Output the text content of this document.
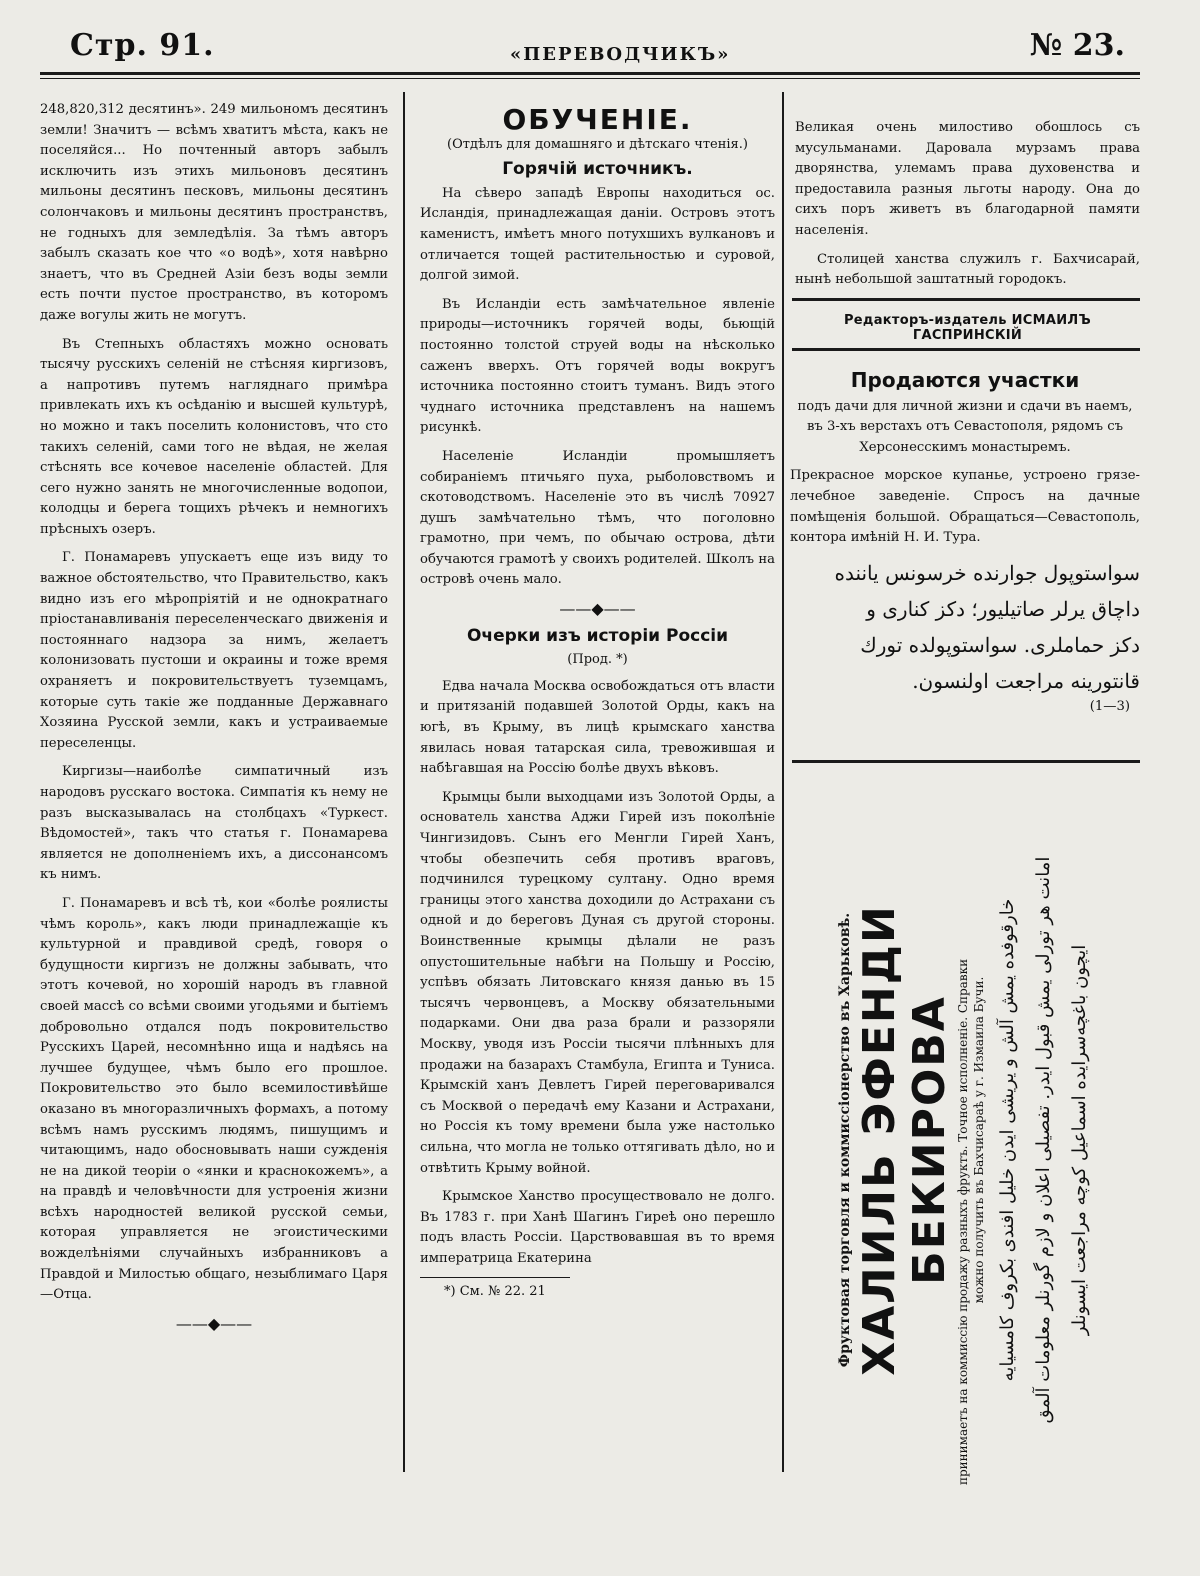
Стр. 91.	«ПЕРЕВОДЧИКЪ»	№ 23.

248,820,312 десятинъ». 249 мильономъ десятинъ земли! Значитъ — всѣмъ хватитъ мѣста, какъ не поселяйся... Но почтенный авторъ забылъ исключить изъ этихъ мильоновъ десятинъ мильоны десятинъ песковъ, мильоны десятинъ солончаковъ и мильоны десятинъ пространствъ, не годныхъ для земледѣлія. За тѣмъ авторъ забылъ сказать кое что «о водѣ», хотя навѣрно знаетъ, что въ Средней Азіи безъ воды земли есть почти пустое пространство, въ которомъ даже вогулы жить не могутъ.

Въ Степныхъ областяхъ можно основать тысячу русскихъ селеній не стѣсняя киргизовъ, а напротивъ путемъ нагляднаго примѣра привлекать ихъ къ осѣданію и высшей культурѣ, но можно и такъ поселить колонистовъ, что сто такихъ селеній, сами того не вѣдая, не желая стѣснять все кочевое населеніе областей. Для сего нужно занять не многочисленные водопои, колодцы и берега тощихъ рѣчекъ и немногихъ прѣсныхъ озеръ.

Г. Понамаревъ упускаетъ еще изъ виду то важное обстоятельство, что Правительство, какъ видно изъ его мѣропріятій и не однократнаго пріостанавливанія переселенческаго движенія и постояннаго надзора за нимъ, желаетъ колонизовать пустоши и окраины и тоже время охраняетъ и покровительствуетъ туземцамъ, которые суть такіе же подданные Державнаго Хозяина Русской земли, какъ и устраиваемые переселенцы.

Киргизы—наиболѣе симпатичный изъ народовъ русскаго востока. Симпатія къ нему не разъ высказывалась на столбцахъ «Туркест. Вѣдомостей», такъ что статья г. Понамарева является не дополненіемъ ихъ, а диссонансомъ къ нимъ.

Г. Понамаревъ и всѣ тѣ, кои «болѣе роялисты чѣмъ король», какъ люди принадлежащіе къ культурной и правдивой средѣ, говоря о будущности киргизъ не должны забывать, что этотъ кочевой, но хорошій народъ въ главной своей массѣ со всѣми своими угодьями и бытіемъ добровольно отдался подъ покровительство Русскихъ Царей, несомнѣнно ища и надѣясь на лучшее будущее, чѣмъ было его прошлое. Покровительство это было всемилостивѣйше оказано въ многоразличныхъ формахъ, а потому всѣмъ намъ русскимъ людямъ, пишущимъ и читающимъ, надо обосновывать наши сужденія не на дикой теоріи о «янки и краснокожемъ», а на правдѣ и человѣчности для устроенія жизни всѣхъ народностей великой русской семьи, которая управляется не эгоистическими вожделѣніями случайныхъ избранниковъ а Правдой и Милостью общаго, незыблимаго Царя—Отца.

——◆——
ОБУЧЕНІЕ.
(Отдѣлъ для домашняго и дѣтскаго чтенія.)
Горячій источникъ.

На сѣверо западѣ Европы находиться ос. Исландія, принадлежащая даніи. Островъ этотъ каменистъ, имѣетъ много потухшихъ вулкановъ и отличается тощей растительностью и суровой, долгой зимой.

Въ Исландіи есть замѣчательное явленіе природы—источникъ горячей воды, бьющій постоянно толстой струей воды на нѣсколько саженъ вверхъ. Отъ горячей воды вокругъ источника постоянно стоитъ туманъ. Видъ этого чуднаго источника представленъ на нашемъ рисункѣ.

Населеніе Исландіи промышляетъ собираніемъ птичьяго пуха, рыболовствомъ и скотоводствомъ. Населеніе это въ числѣ 70927 душъ замѣчательно тѣмъ, что поголовно грамотно, при чемъ, по обычаю острова, дѣти обучаются грамотѣ у своихъ родителей. Школъ на островѣ очень мало.

——◆——
Очерки изъ исторіи Россіи
(Прод. *)

Едва начала Москва освобождаться отъ власти и притязаній подавшей Золотой Орды, какъ на югѣ, въ Крыму, въ лицѣ крымскаго ханства явилась новая татарская сила, тревожившая и набѣгавшая на Россію болѣе двухъ вѣковъ.

Крымцы были выходцами изъ Золотой Орды, а основатель ханства Аджи Гирей изъ поколѣніе Чингизидовъ. Сынъ его Менгли Гирей Ханъ, чтобы обезпечить себя противъ враговъ, подчинился турецкому султану. Одно время границы этого ханства доходили до Астрахани съ одной и до береговъ Дуная съ другой стороны. Воинственные крымцы дѣлали не разъ опустошительные набѣги на Польшу и Россію, успѣвъ обязать Литовскаго князя данью въ 15 тысячъ червонцевъ, а Москву обязательными подарками. Они два раза брали и раззоряли Москву, уводя изъ Россіи тысячи плѣнныхъ для продажи на базарахъ Стамбула, Египта и Туниса. Крымскій ханъ Девлетъ Гирей переговаривался съ Москвой о передачѣ ему Казани и Астрахани, но Россія къ тому времени была уже настолько сильна, что могла не только оттягивать дѣло, но и отвѣтить Крыму войной.

Крымское Ханство просуществовало не долго. Въ 1783 г. при Ханѣ Шагинъ Гиреѣ оно перешло подъ власть Россіи. Царствовавшая въ то время императрица Екатерина

*) См. № 22. 21

Великая очень милостиво обошлось съ мусульманами. Даровала мурзамъ права дворянства, улемамъ права духовенства и предоставила разныя льготы народу. Она до сихъ поръ живетъ въ благодарной памяти населенія.

Столицей ханства служилъ г. Бахчисарай, нынѣ небольшой заштатный городокъ.

Редакторъ-издатель ИСМАИЛЪ ГАСПРИНСКІЙ
Продаются участки
подъ дачи для личной жизни и сдачи въ наемъ, въ 3-хъ верстахъ отъ Севастополя, рядомъ съ Херсонесскимъ монастыремъ.

Прекрасное морское купанье, устроено грязе-лечебное заведеніе. Спросъ на дачные помѣщенія большой. Обращаться—Севастополь, контора имѣній Н. И. Тура.

سواستوپول جوارنده خرسونس یاننده
داچاق یرلر صاتیلیور؛ دکز کناری و
دکز حماملری. سواستوپولده تورك
قانتورینه مراجعت اولنسون.
(1—3)
Фруктовая торговля и коммиссіонерство въ Харьковѣ. ХАЛИЛЬ ЭФЕНДИ БЕКИРОВА принимаетъ на коммиссію продажу разныхъ фруктъ. Точное исполненіе. Справки можно получить въ Бахчисараѣ у г. Измаила Бучи. خارقوفده یمش آلش و یریشی ایدن خلیل افندی بکروف کامسیایه امانت هر تورلی یمش قبول ایدر. تفصیلی اعلان و لازم گورنلر معلومات آلمق ایچون باغچه‌سرایده اسماعیل کوچه مراجعت ایسونلر
